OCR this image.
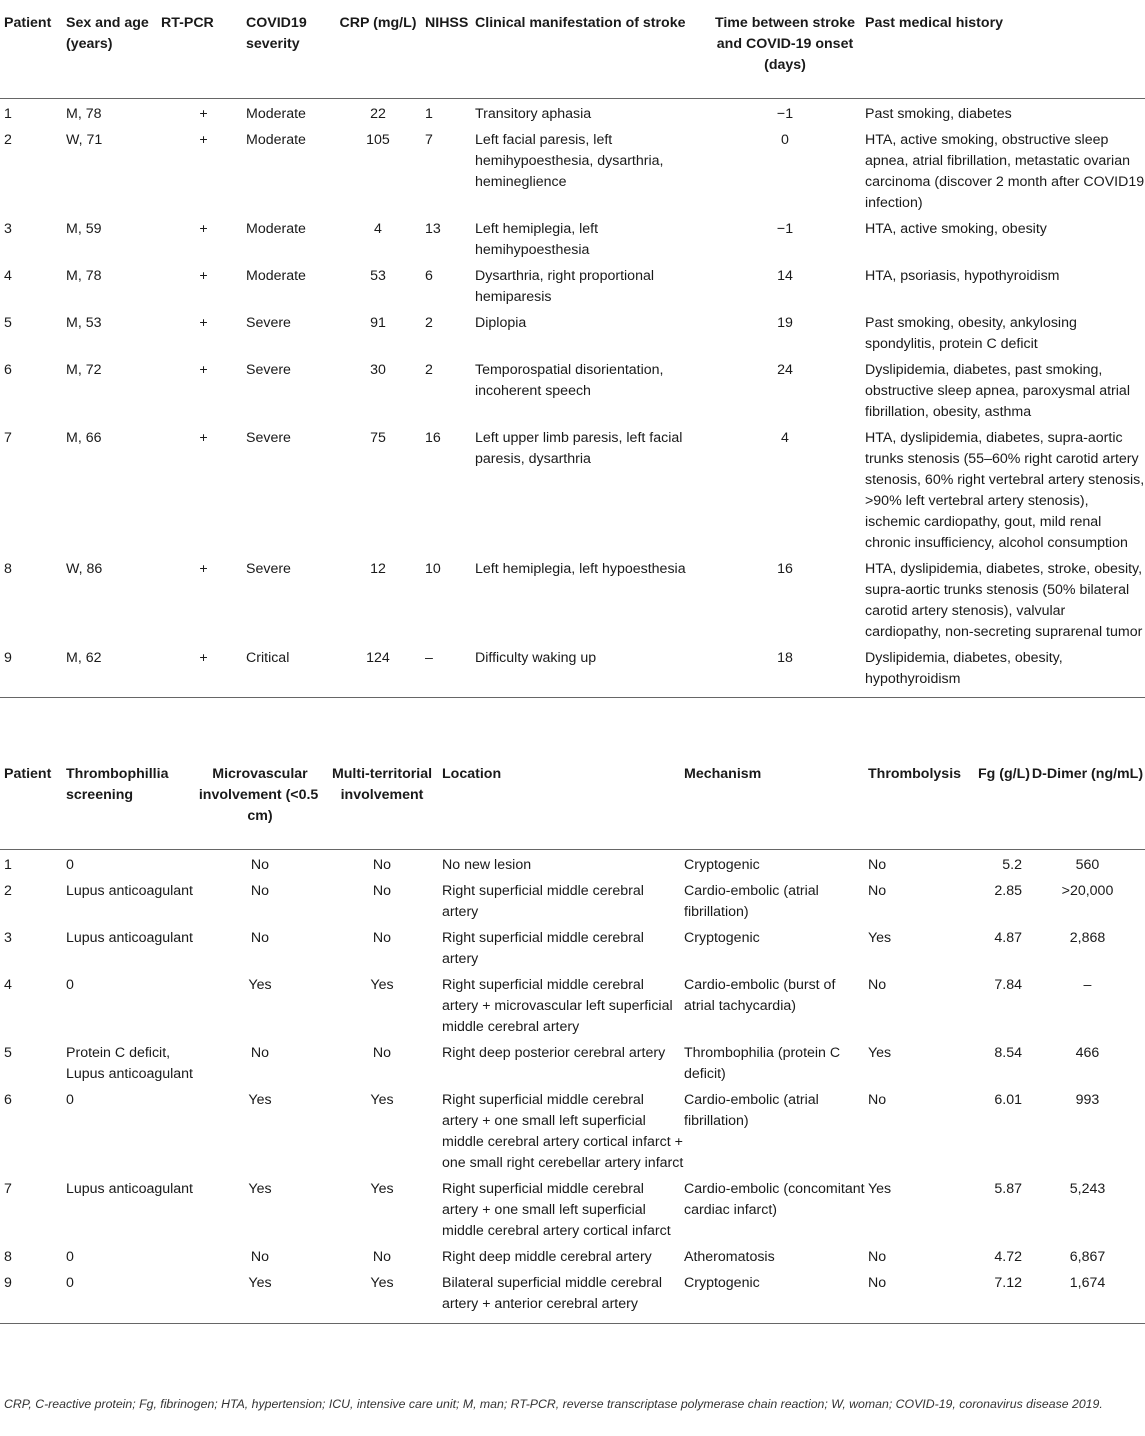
Patient	Sex and age (years)	RT-PCR	COVID19 severity	CRP (mg/L)	NIHSS	Clinical manifestation of stroke	Time between stroke and COVID-19 onset (days)	Past medical history
1	M, 78	+	Moderate	22	1	Transitory aphasia	−1	Past smoking, diabetes
2	W, 71	+	Moderate	105	7	Left facial paresis, left hemihypoesthesia, dysarthria, hemineglience	0	HTA, active smoking, obstructive sleep apnea, atrial fibrillation, metastatic ovarian carcinoma (discover 2 month after COVID19 infection)
3	M, 59	+	Moderate	4	13	Left hemiplegia, left hemihypoesthesia	−1	HTA, active smoking, obesity
4	M, 78	+	Moderate	53	6	Dysarthria, right proportional hemiparesis	14	HTA, psoriasis, hypothyroidism
5	M, 53	+	Severe	91	2	Diplopia	19	Past smoking, obesity, ankylosing spondylitis, protein C deficit
6	M, 72	+	Severe	30	2	Temporospatial disorientation, incoherent speech	24	Dyslipidemia, diabetes, past smoking, obstructive sleep apnea, paroxysmal atrial fibrillation, obesity, asthma
7	M, 66	+	Severe	75	16	Left upper limb paresis, left facial paresis, dysarthria	4	HTA, dyslipidemia, diabetes, supra-aortic trunks stenosis (55–60% right carotid artery stenosis, 60% right vertebral artery stenosis, >90% left vertebral artery stenosis), ischemic cardiopathy, gout, mild renal chronic insufficiency, alcohol consumption
8	W, 86	+	Severe	12	10	Left hemiplegia, left hypoesthesia	16	HTA, dyslipidemia, diabetes, stroke, obesity, supra-aortic trunks stenosis (50% bilateral carotid artery stenosis), valvular cardiopathy, non-secreting suprarenal tumor
9	M, 62	+	Critical	124	–	Difficulty waking up	18	Dyslipidemia, diabetes, obesity, hypothyroidism
Patient	Thrombophillia screening	Microvascular involvement (<0.5 cm)	Multi-territorial involvement	Location	Mechanism	Thrombolysis	Fg (g/L)	D-Dimer (ng/mL)
1	0	No	No	No new lesion	Cryptogenic	No	5.2	560
2	Lupus anticoagulant	No	No	Right superficial middle cerebral artery	Cardio-embolic (atrial fibrillation)	No	2.85	>20,000
3	Lupus anticoagulant	No	No	Right superficial middle cerebral artery	Cryptogenic	Yes	4.87	2,868
4	0	Yes	Yes	Right superficial middle cerebral artery + microvascular left superficial middle cerebral artery	Cardio-embolic (burst of atrial tachycardia)	No	7.84	–
5	Protein C deficit, Lupus anticoagulant	No	No	Right deep posterior cerebral artery	Thrombophilia (protein C deficit)	Yes	8.54	466
6	0	Yes	Yes	Right superficial middle cerebral artery + one small left superficial middle cerebral artery cortical infarct + one small right cerebellar artery infarct	Cardio-embolic (atrial fibrillation)	No	6.01	993
7	Lupus anticoagulant	Yes	Yes	Right superficial middle cerebral artery + one small left superficial middle cerebral artery cortical infarct	Cardio-embolic (concomitant cardiac infarct)	Yes	5.87	5,243
8	0	No	No	Right deep middle cerebral artery	Atheromatosis	No	4.72	6,867
9	0	Yes	Yes	Bilateral superficial middle cerebral artery + anterior cerebral artery	Cryptogenic	No	7.12	1,674
CRP, C-reactive protein; Fg, fibrinogen; HTA, hypertension; ICU, intensive care unit; M, man; RT-PCR, reverse transcriptase polymerase chain reaction; W, woman; COVID-19, coronavirus disease 2019.
